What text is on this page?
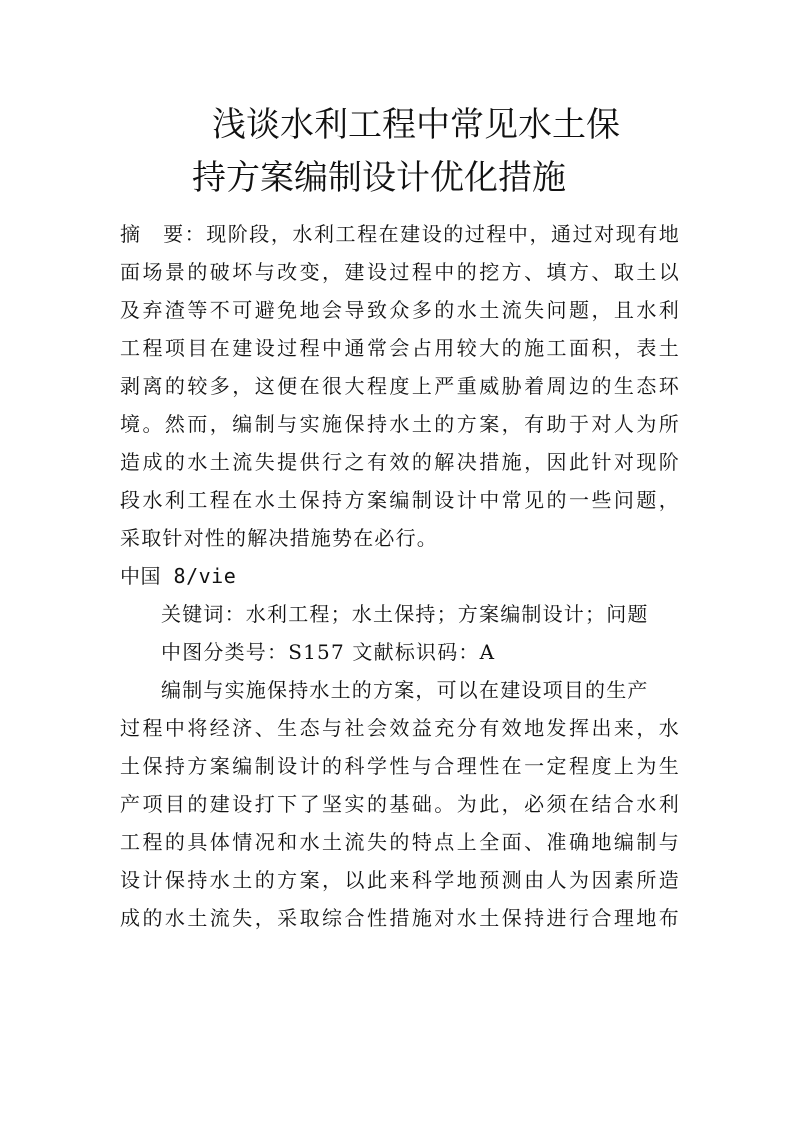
浅谈水利工程中常见水土保
持方案编制设计优化措施
摘　要：现阶段，水利工程在建设的过程中，通过对现有地
面场景的破坏与改变，建设过程中的挖方、填方、取土以
及弃渣等不可避免地会导致众多的水土流失问题，且水利
工程项目在建设过程中通常会占用较大的施工面积，表土
剥离的较多，这便在很大程度上严重威胁着周边的生态环
境。然而，编制与实施保持水土的方案，有助于对人为所
造成的水土流失提供行之有效的解决措施，因此针对现阶
段水利工程在水土保持方案编制设计中常见的一些问题，
采取针对性的解决措施势在必行。
中国 8/vie
关键词：水利工程；水土保持；方案编制设计；问题
中图分类号：S157 文献标识码：A
编制与实施保持水土的方案，可以在建设项目的生产
过程中将经济、生态与社会效益充分有效地发挥出来，水
土保持方案编制设计的科学性与合理性在一定程度上为生
产项目的建设打下了坚实的基础。为此，必须在结合水利
工程的具体情况和水土流失的特点上全面、准确地编制与
设计保持水土的方案，以此来科学地预测由人为因素所造
成的水土流失，采取综合性措施对水土保持进行合理地布
